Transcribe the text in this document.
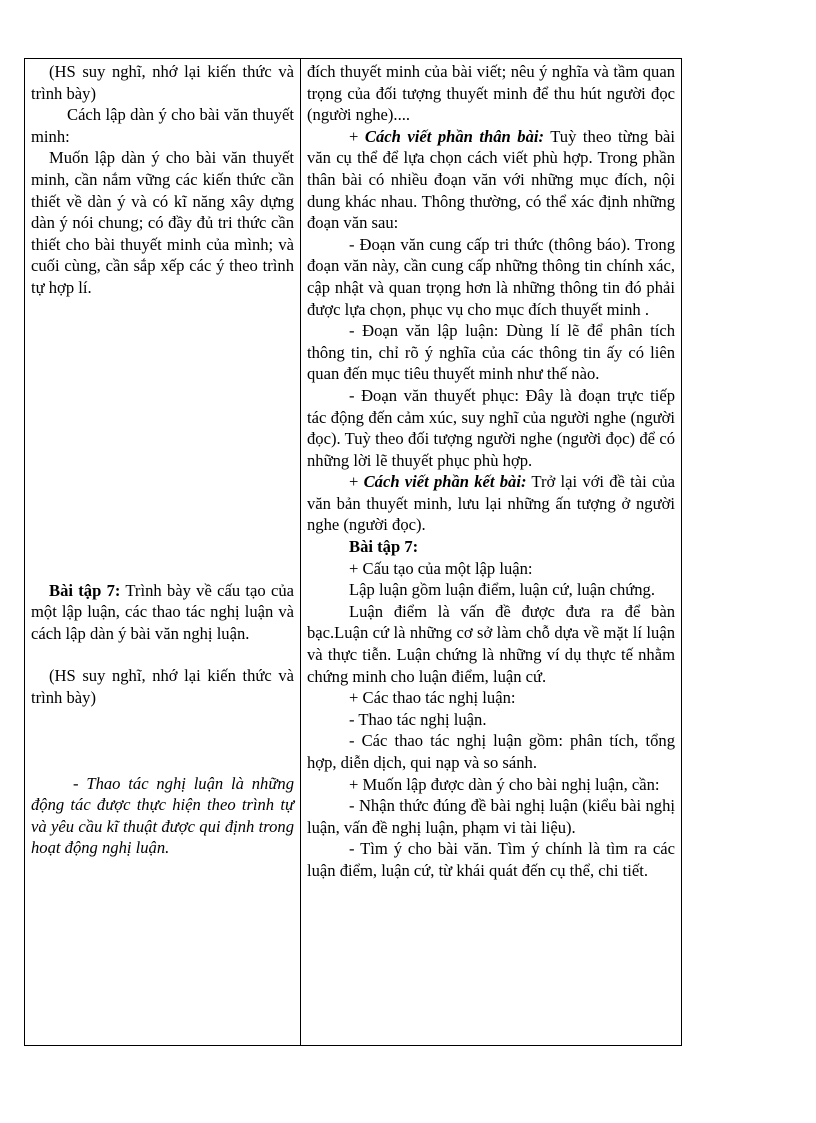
(HS suy nghĩ, nhớ lại kiến thức và trình bày)

Cách lập dàn ý cho bài văn thuyết minh:

Muốn lập dàn ý cho bài văn thuyết minh, cần nắm vững các kiến thức cần thiết về dàn ý và có kĩ năng xây dựng dàn ý nói chung; có đầy đủ tri thức cần thiết cho bài thuyết minh của mình; và cuối cùng, cần sắp xếp các ý theo trình tự hợp lí.

Bài tập 7: Trình bày về cấu tạo của một lập luận, các thao tác nghị luận và cách lập dàn ý bài văn nghị luận.

(HS suy nghĩ, nhớ lại kiến thức và trình bày)

- Thao tác nghị luận là những động tác được thực hiện theo trình tự và yêu cầu kĩ thuật được qui định trong hoạt động nghị luận.

đích thuyết minh của bài viết; nêu ý nghĩa và tầm quan trọng của đối tượng thuyết minh để thu hút người đọc (người nghe)....

+ Cách viết phần thân bài: Tuỳ theo từng bài văn cụ thể để lựa chọn cách viết phù hợp. Trong phần thân bài có nhiều đoạn văn với những mục đích, nội dung khác nhau. Thông thường, có thể xác định những đoạn văn sau:

- Đoạn văn cung cấp tri thức (thông báo). Trong đoạn văn này, cần cung cấp những thông tin chính xác, cập nhật và quan trọng hơn là những thông tin đó phải được lựa chọn, phục vụ cho mục đích thuyết minh .

- Đoạn văn lập luận: Dùng lí lẽ để phân tích thông tin, chỉ rõ ý nghĩa của các thông tin ấy có liên quan đến mục tiêu thuyết minh như thế nào.

- Đoạn văn thuyết phục: Đây là đoạn trực tiếp tác động đến cảm xúc, suy nghĩ của người nghe (người đọc). Tuỳ theo đối tượng người nghe (người đọc) để có những lời lẽ thuyết phục phù hợp.

+ Cách viết phần kết bài: Trở lại với đề tài của văn bản thuyết minh, lưu lại những ấn tượng ở người nghe (người đọc).

Bài tập 7:

+ Cấu tạo của một lập luận:

Lập luận gồm luận điểm, luận cứ, luận chứng.

Luận điểm là vấn đề được đưa ra để bàn bạc.Luận cứ là những cơ sở làm chỗ dựa về mặt lí luận và thực tiễn. Luận chứng là những ví dụ thực tế nhằm chứng minh cho luận điểm, luận cứ.

+ Các thao tác nghị luận:

- Thao tác nghị luận.

- Các thao tác nghị luận gồm: phân tích, tổng hợp, diễn dịch, qui nạp và so sánh.

+ Muốn lập được dàn ý cho bài nghị luận, cần:

- Nhận thức đúng đề bài nghị luận (kiểu bài nghị luận, vấn đề nghị luận, phạm vi tài liệu).

- Tìm ý cho bài văn. Tìm ý chính là tìm ra các luận điểm, luận cứ, từ khái quát đến cụ thể, chi tiết.
